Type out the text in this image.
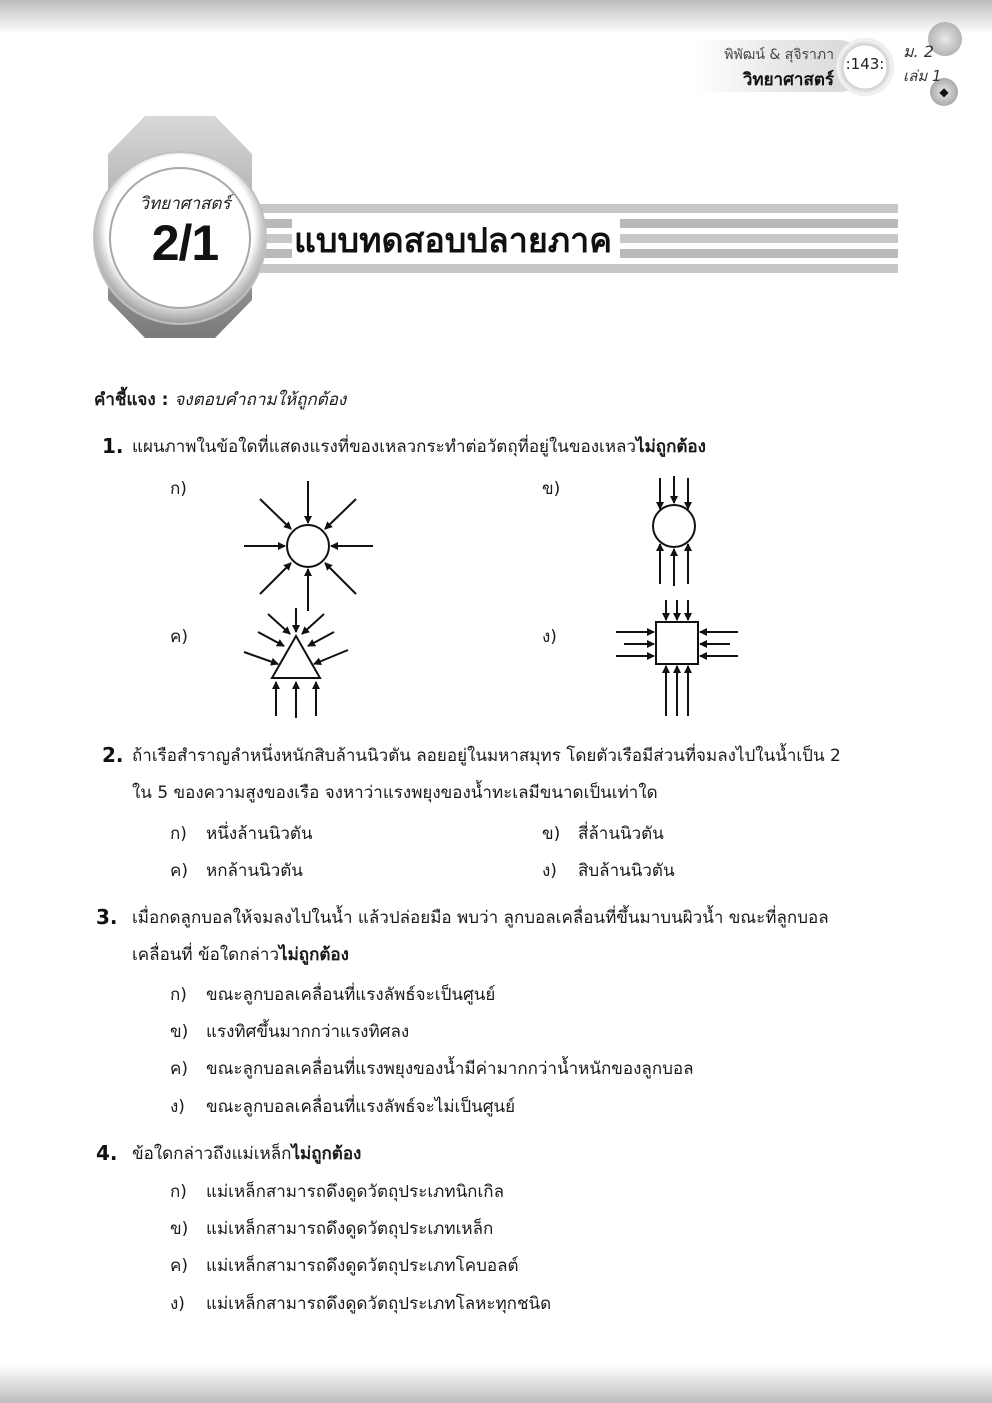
พิพัฒน์ & สุจิราภา
วิทยาศาสตร์
:143:
◆
ม. 2
เล่ม 1
วิทยาศาสตร์
2/1	แบบทดสอบปลายภาค
คำชี้แจง : จงตอบคำถามให้ถูกต้อง
1. แผนภาพในข้อใดที่แสดงแรงที่ของเหลวกระทำต่อวัตถุที่อยู่ในของเหลวไม่ถูกต้อง
ก)	ข)
ค)	ง)
2. ถ้าเรือสำราญลำหนึ่งหนักสิบล้านนิวตัน ลอยอยู่ในมหาสมุทร โดยตัวเรือมีส่วนที่จมลงไปในน้ำเป็น 2
ใน 5 ของความสูงของเรือ จงหาว่าแรงพยุงของน้ำทะเลมีขนาดเป็นเท่าใด
ก) หนึ่งล้านนิวตัน	ข) สี่ล้านนิวตัน
ค) หกล้านนิวตัน	ง) สิบล้านนิวตัน
3. เมื่อกดลูกบอลให้จมลงไปในน้ำ แล้วปล่อยมือ พบว่า ลูกบอลเคลื่อนที่ขึ้นมาบนผิวน้ำ ขณะที่ลูกบอล
เคลื่อนที่ ข้อใดกล่าวไม่ถูกต้อง
ก) ขณะลูกบอลเคลื่อนที่แรงลัพธ์จะเป็นศูนย์
ข) แรงทิศขึ้นมากกว่าแรงทิศลง
ค) ขณะลูกบอลเคลื่อนที่แรงพยุงของน้ำมีค่ามากกว่าน้ำหนักของลูกบอล
ง) ขณะลูกบอลเคลื่อนที่แรงลัพธ์จะไม่เป็นศูนย์
4. ข้อใดกล่าวถึงแม่เหล็กไม่ถูกต้อง
ก) แม่เหล็กสามารถดึงดูดวัตถุประเภทนิกเกิล
ข) แม่เหล็กสามารถดึงดูดวัตถุประเภทเหล็ก
ค) แม่เหล็กสามารถดึงดูดวัตถุประเภทโคบอลต์
ง) แม่เหล็กสามารถดึงดูดวัตถุประเภทโลหะทุกชนิด
